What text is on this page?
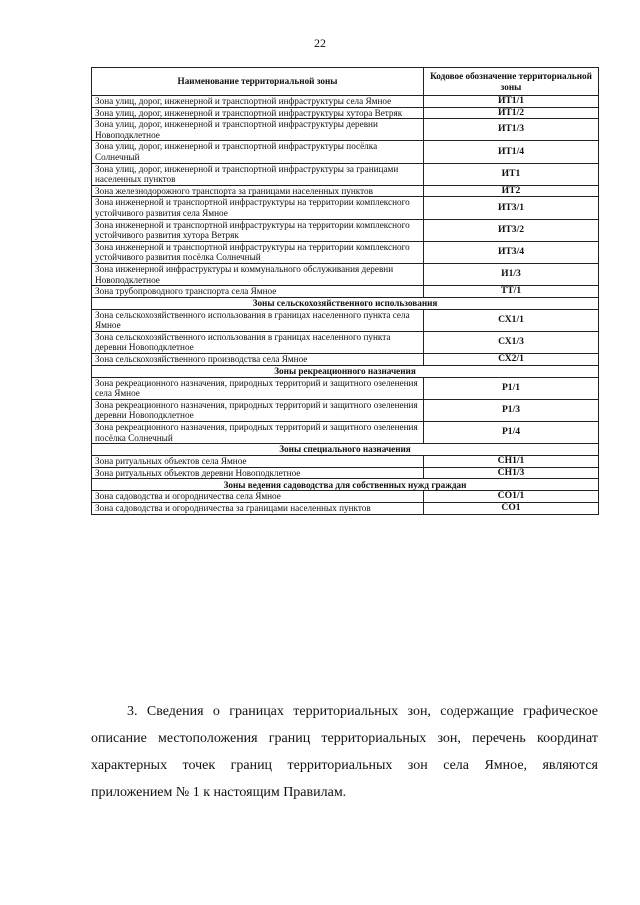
22
Наименование территориальной зоны	Кодовое обозначение территориальной зоны
Зона улиц, дорог, инженерной и транспортной инфраструктуры села Ямное	ИТ1/1
Зона улиц, дорог, инженерной и транспортной инфраструктуры хутора Ветряк	ИТ1/2
Зона улиц, дорог, инженерной и транспортной инфраструктуры деревни Новоподклетное	ИТ1/3
Зона улиц, дорог, инженерной и транспортной инфраструктуры посёлка Солнечный	ИТ1/4
Зона улиц, дорог, инженерной и транспортной инфраструктуры за границами населенных пунктов	ИТ1
Зона железнодорожного транспорта за границами населенных пунктов	ИТ2
Зона инженерной и транспортной инфраструктуры на территории комплексного устойчивого развития села Ямное	ИТ3/1
Зона инженерной и транспортной инфраструктуры на территории комплексного устойчивого развития хутора Ветряк	ИТ3/2
Зона инженерной и транспортной инфраструктуры на территории комплексного устойчивого развития посёлка Солнечный	ИТ3/4
Зона инженерной инфраструктуры и коммунального обслуживания деревни Новоподклетное	И1/3
Зона трубопроводного транспорта села Ямное	ТТ/1
Зоны сельскохозяйственного использования	
Зона сельскохозяйственного использования в границах населенного пункта села Ямное	СХ1/1
Зона сельскохозяйственного использования в границах населенного пункта деревни Новоподклетное	СХ1/3
Зона сельскохозяйственного производства села Ямное	СХ2/1
Зоны рекреационного назначения	
Зона рекреационного назначения, природных территорий и защитного озеленения села Ямное	Р1/1
Зона рекреационного назначения, природных территорий и защитного озеленения деревни Новоподклетное	Р1/3
Зона рекреационного назначения, природных территорий и защитного озеленения посёлка Солнечный	Р1/4
Зоны специального назначения	
Зона ритуальных объектов села Ямное	СН1/1
Зона ритуальных объектов деревни Новоподклетное	СН1/3
Зоны ведения садоводства для собственных нужд граждан	
Зона садоводства и огородничества села Ямное	СО1/1
Зона садоводства и огородничества за границами населенных пунктов	СО1

3. Сведения о границах территориальных зон, содержащие графическое описание местоположения границ территориальных зон, перечень координат характерных точек границ территориальных зон села Ямное, являются приложением № 1 к настоящим Правилам.
